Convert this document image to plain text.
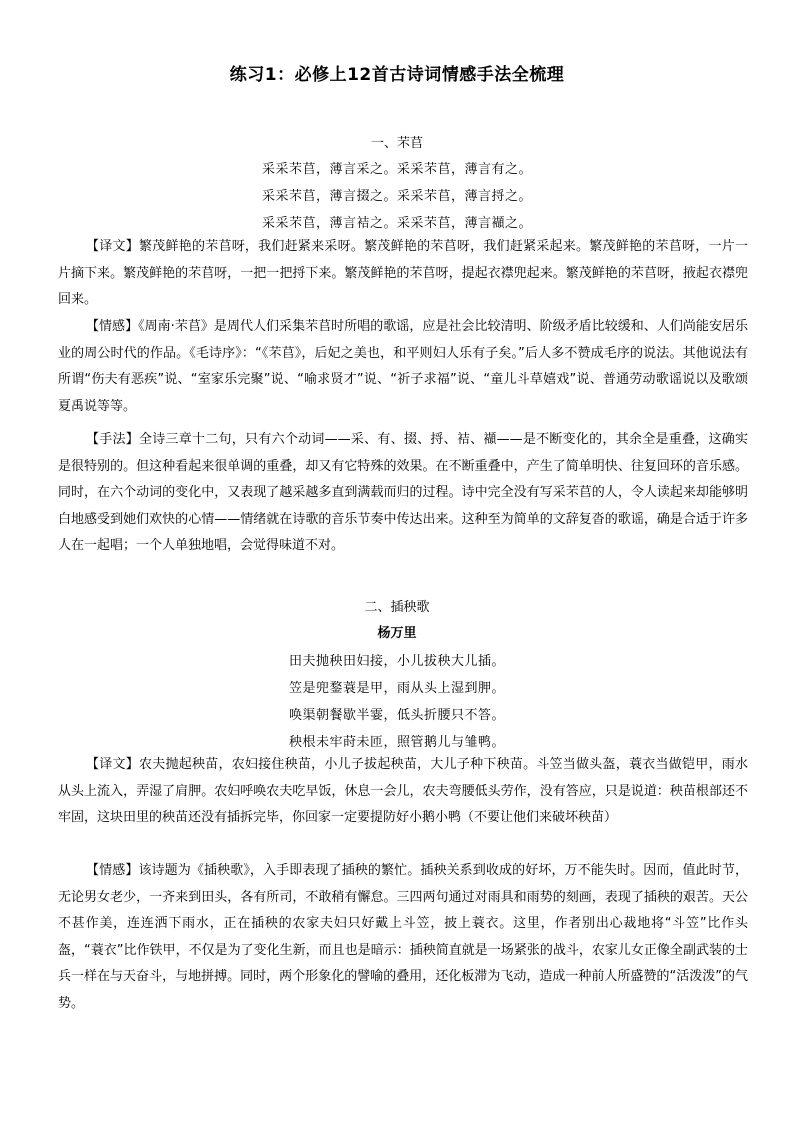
练习1：必修上12首古诗词情感手法全梳理
一、芣苢
采采芣苢，薄言采之。采采芣苢，薄言有之。
采采芣苢，薄言掇之。采采芣苢，薄言捋之。
采采芣苢，薄言袺之。采采芣苢，薄言襭之。
【译文】繁茂鲜艳的芣苢呀，我们赶紧来采呀。繁茂鲜艳的芣苢呀，我们赶紧采起来。繁茂鲜艳的芣苢呀，一片一片摘下来。繁茂鲜艳的芣苢呀，一把一把捋下来。繁茂鲜艳的芣苢呀，提起衣襟兜起来。繁茂鲜艳的芣苢呀，掖起衣襟兜回来。
【情感】《周南·芣苢》是周代人们采集芣苢时所唱的歌谣，应是社会比较清明、阶级矛盾比较缓和、人们尚能安居乐业的周公时代的作品。《毛诗序》：“《芣苢》，后妃之美也，和平则妇人乐有子矣。”后人多不赞成毛序的说法。其他说法有所谓“伤夫有恶疾”说、“室家乐完聚”说、“喻求贤才”说、“祈子求福”说、“童儿斗草嬉戏”说、普通劳动歌谣说以及歌颂夏禹说等等。
【手法】全诗三章十二句，只有六个动词——采、有、掇、捋、袺、襭——是不断变化的，其余全是重叠，这确实是很特别的。但这种看起来很单调的重叠，却又有它特殊的效果。在不断重叠中，产生了简单明快、往复回环的音乐感。同时，在六个动词的变化中，又表现了越采越多直到满载而归的过程。诗中完全没有写采芣苢的人，令人读起来却能够明白地感受到她们欢快的心情——情绪就在诗歌的音乐节奏中传达出来。这种至为简单的文辞复沓的歌谣，确是合适于许多人在一起唱；一个人单独地唱，会觉得味道不对。
二、插秧歌
杨万里
田夫抛秧田妇接，小儿拔秧大儿插。
笠是兜鍪蓑是甲，雨从头上湿到胛。
唤渠朝餐歇半霎，低头折腰只不答。
秧根未牢莳未匝，照管鹅儿与雏鸭。
【译文】农夫抛起秧苗，农妇接住秧苗，小儿子拔起秧苗，大儿子种下秧苗。斗笠当做头盔，蓑衣当做铠甲，雨水从头上流入，弄湿了肩胛。农妇呼唤农夫吃早饭，休息一会儿，农夫弯腰低头劳作，没有答应，只是说道：秧苗根部还不牢固，这块田里的秧苗还没有插拆完毕，你回家一定要提防好小鹅小鸭（不要让他们来破坏秧苗）
【情感】该诗题为《插秧歌》，入手即表现了插秧的繁忙。插秧关系到收成的好坏，万不能失时。因而，值此时节，无论男女老少，一齐来到田头，各有所司，不敢稍有懈怠。三四两句通过对雨具和雨势的刻画，表现了插秧的艰苦。天公不甚作美，连连洒下雨水，正在插秧的农家夫妇只好戴上斗笠，披上蓑衣。这里，作者别出心裁地将“斗笠”比作头盔，“蓑衣”比作铁甲，不仅是为了变化生新，而且也是暗示：插秧简直就是一场紧张的战斗，农家儿女正像全副武装的士兵一样在与天奋斗，与地拼搏。同时，两个形象化的譬喻的叠用，还化板滞为飞动，造成一种前人所盛赞的“活泼泼”的气势。
